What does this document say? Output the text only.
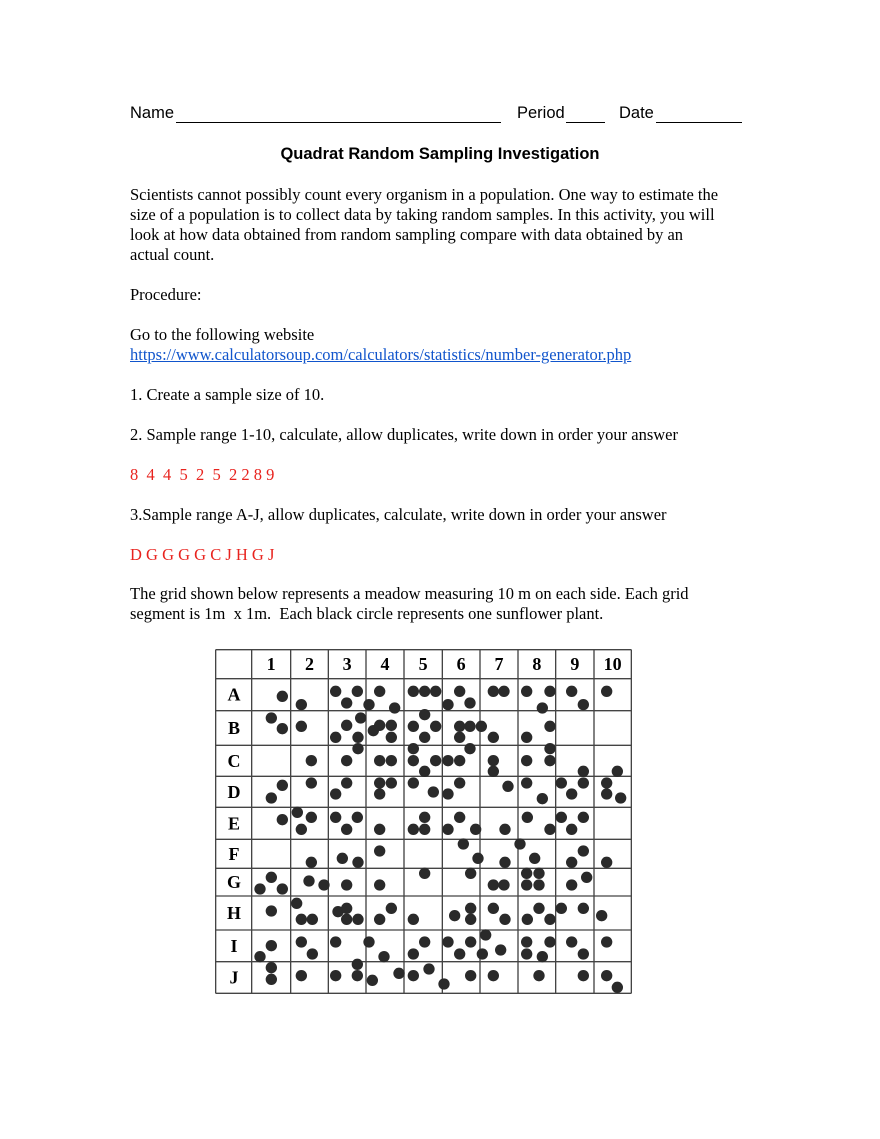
Name	Period	Date
Quadrat Random Sampling Investigation
Scientists cannot possibly count every organism in a population. One way to estimate the
size of a population is to collect data by taking random samples. In this activity, you will
look at how data obtained from random sampling compare with data obtained by an
actual count.
Procedure:
Go to the following website
https://www.calculatorsoup.com/calculators/statistics/number-generator.php
1. Create a sample size of 10.
2. Sample range 1-10, calculate, allow duplicates, write down in order your answer
8  4  4  5  2  5  2 2 8 9
3.Sample range A-J, allow duplicates, calculate, write down in order your answer
D G G G G C J H G J
The grid shown below represents a meadow measuring 10 m on each side. Each grid
segment is 1m  x 1m.  Each black circle represents one sunflower plant.
1 2 3 4 5 6 7 8 9 10
A
B
C
D
E
F
G
H
I
J
